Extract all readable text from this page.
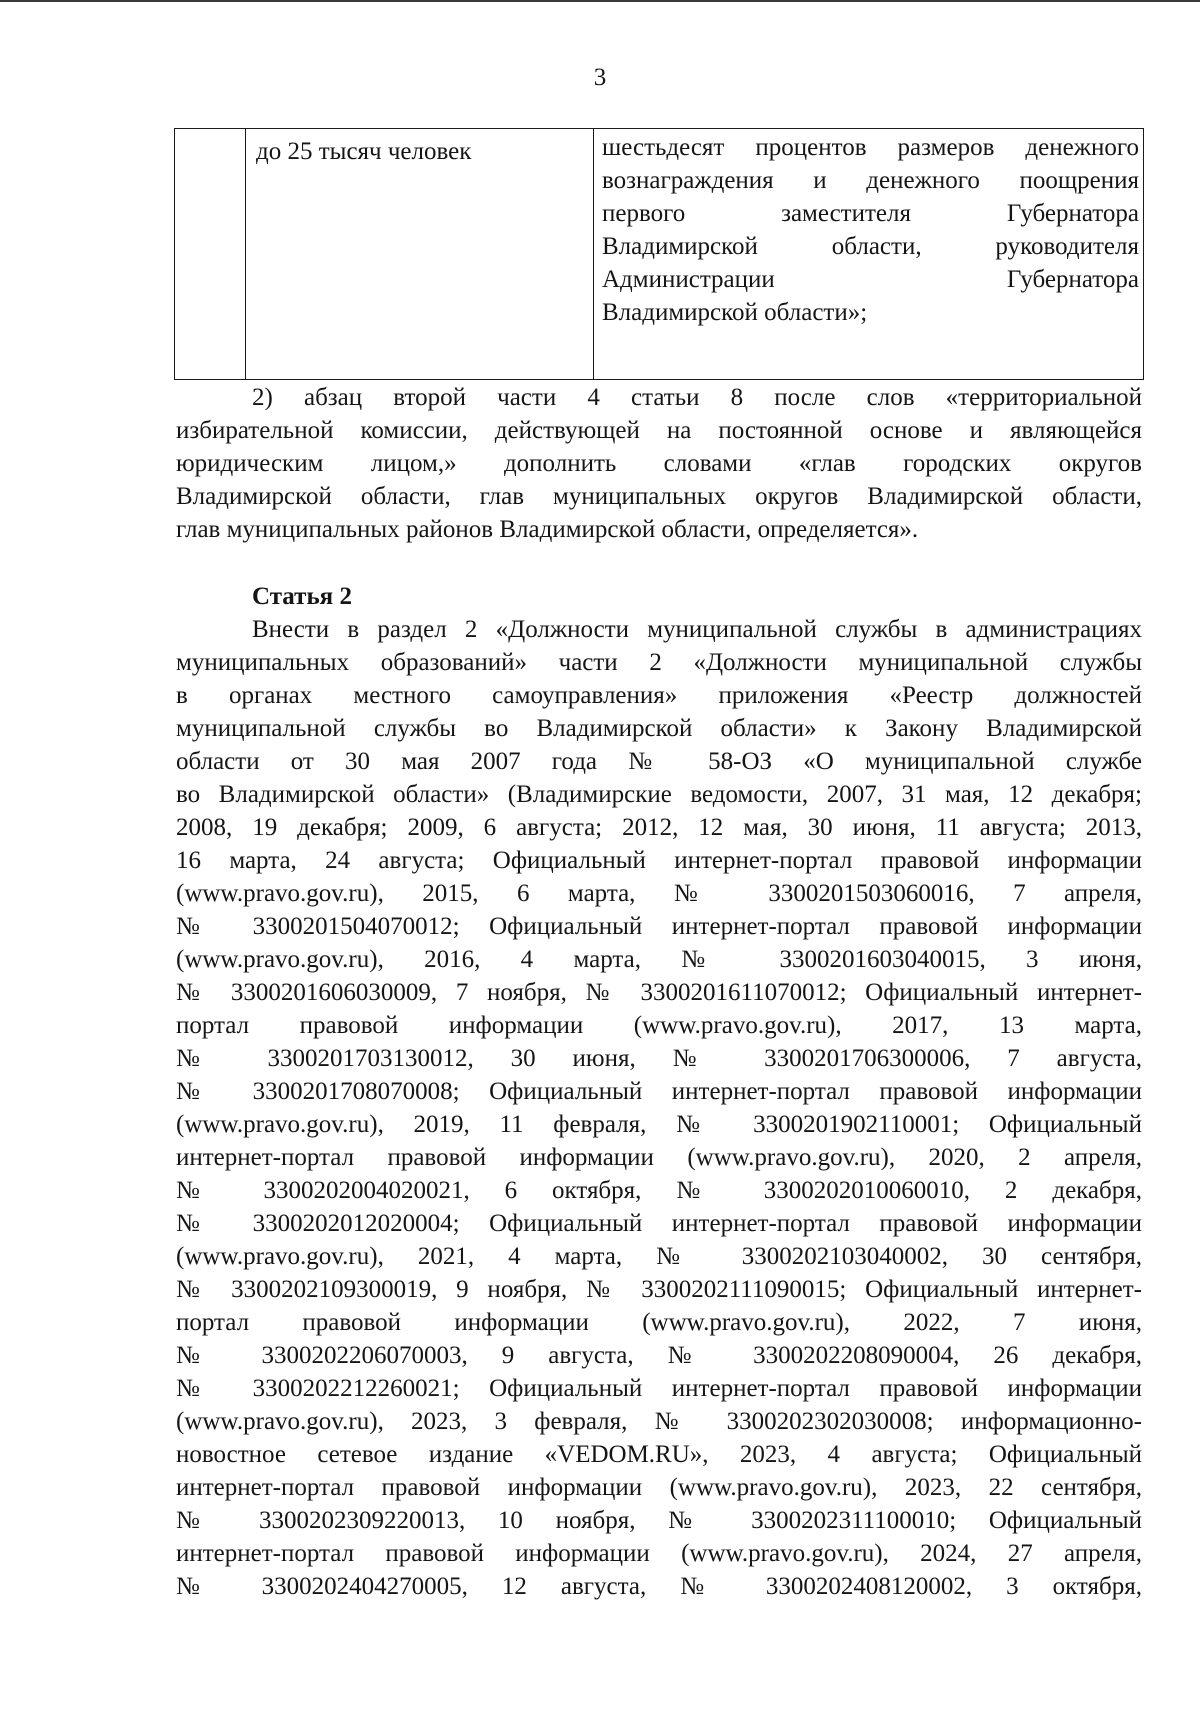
3
	до 25 тысяч человек	шестьдесят процентов размеров денежного
вознаграждения и денежного поощрения
первого заместителя Губернатора
Владимирской области, руководителя
Администрации Губернатора
Владимирской области»;
2) абзац второй части 4 статьи 8 после слов «территориальной
избирательной комиссии, действующей на постоянной основе и являющейся
юридическим лицом,» дополнить словами «глав городских округов
Владимирской области, глав муниципальных округов Владимирской области,
глав муниципальных районов Владимирской области, определяется».
Статья 2
Внести в раздел 2 «Должности муниципальной службы в администрациях
муниципальных образований» части 2 «Должности муниципальной службы
в органах местного самоуправления» приложения «Реестр должностей
муниципальной службы во Владимирской области» к Закону Владимирской
области от 30 мая 2007 года № 58-ОЗ «О муниципальной службе
во Владимирской области» (Владимирские ведомости, 2007, 31 мая, 12 декабря;
2008, 19 декабря; 2009, 6 августа; 2012, 12 мая, 30 июня, 11 августа; 2013,
16 марта, 24 августа; Официальный интернет-портал правовой информации
(www.pravo.gov.ru), 2015, 6 марта, № 3300201503060016, 7 апреля,
№ 3300201504070012; Официальный интернет-портал правовой информации
(www.pravo.gov.ru), 2016, 4 марта, № 3300201603040015, 3 июня,
№ 3300201606030009, 7 ноября, № 3300201611070012; Официальный интернет-
портал правовой информации (www.pravo.gov.ru), 2017, 13 марта,
№ 3300201703130012, 30 июня, № 3300201706300006, 7 августа,
№ 3300201708070008; Официальный интернет-портал правовой информации
(www.pravo.gov.ru), 2019, 11 февраля, № 3300201902110001; Официальный
интернет-портал правовой информации (www.pravo.gov.ru), 2020, 2 апреля,
№ 3300202004020021, 6 октября, № 3300202010060010, 2 декабря,
№ 3300202012020004; Официальный интернет-портал правовой информации
(www.pravo.gov.ru), 2021, 4 марта, № 3300202103040002, 30 сентября,
№ 3300202109300019, 9 ноября, № 3300202111090015; Официальный интернет-
портал правовой информации (www.pravo.gov.ru), 2022, 7 июня,
№ 3300202206070003, 9 августа, № 3300202208090004, 26 декабря,
№ 3300202212260021; Официальный интернет-портал правовой информации
(www.pravo.gov.ru), 2023, 3 февраля, № 3300202302030008; информационно-
новостное сетевое издание «VEDOM.RU», 2023, 4 августа; Официальный
интернет-портал правовой информации (www.pravo.gov.ru), 2023, 22 сентября,
№ 3300202309220013, 10 ноября, № 3300202311100010; Официальный
интернет-портал правовой информации (www.pravo.gov.ru), 2024, 27 апреля,
№ 3300202404270005, 12 августа, № 3300202408120002, 3 октября,
